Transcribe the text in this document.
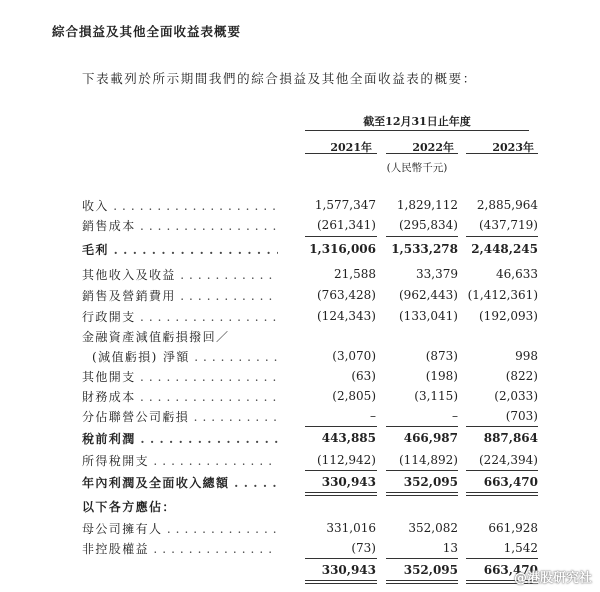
綜合損益及其他全面收益表概要
下表載列於所示期間我們的綜合損益及其他全面收益表的概要：
截至12月31日止年度
2021年	2022年	2023年
(人民幣千元)
收入 . . .	1,577,347	1,829,112	2,885,964
銷售成本 . . .	(261,341)	(295,834)	(437,719)
毛利 . . .	1,316,006	1,533,278	2,448,245
其他收入及收益 . . .	21,588	33,379	46,633
銷售及營銷費用 . . .	(763,428)	(962,443) (1,412,361)
行政開支 . . .	(124,343)	(133,041)	(192,093)
金融資產減值虧損撥回／
(減值虧損) 淨額 . . .	(3,070)	(873)	998
其他開支 . . .	(63)	(198)	(822)
財務成本 . . .	(2,805)	(3,115)	(2,033)
分佔聯營公司虧損 . . .	–	–	(703)
稅前利潤 . . .	443,885	466,987	887,864
所得稅開支 . . .	(112,942)	(114,892)	(224,394)
年內利潤及全面收入總額 . . .	330,943	352,095	663,470
以下各方應佔：
母公司擁有人 . . .	331,016	352,082	661,928
非控股權益 . . .	(73)	13	1,542
330,943	352,095	663,470
@港股研究社
